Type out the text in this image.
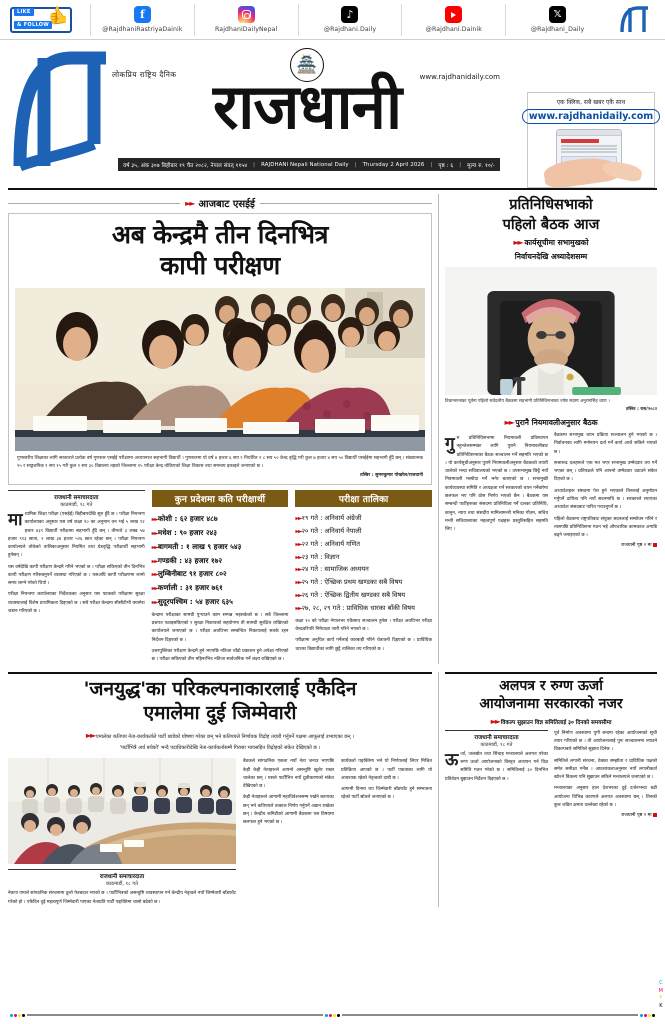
LIKE
& FOLLOW
👍	f
@RajdhaniRastriyaDainik	RajdhaniDailyNepal
♪
@Rajdhani.Daily	@Rajdhani.Dainik
𝕏
@Rajdhani_Daily
लोकप्रिय राष्ट्रिय दैनिक	www.rajdhanidaily.com
🏯
राजधानी
वर्ष ३५, अंक ३०७ बिहीबार १९ चैत २०८२, नेपाल संवत् ११५४ | RAJDHANI Nepali National Daily | Thursday 2 April 2026 | पृष्ठ : ६ | मूल्य रु. १०/-
एक क्लिक, सबै खबर एकै साथ
www.rajdhanidaily.com
►► आजबाट एसईई
अब केन्द्रमै तीन दिनभित्र
कापी परीक्षण
गुणस्तरीय शिक्षाका लागि सरकारले प्रत्येक वर्ष गुणस्तर एसईई परीक्षामा अध्ययनरत सहभागी विद्यार्थी । गुणस्तरमा यो वर्ष ४ हजार ६ सय ९ निर्धारित १ ८ सय ५० केन्द्र बृद्धि गरी कुल ७ हजार ४ सय ५० विद्यार्थी एसईईमा सहभागी हुँदै छन् । संख्यात्मक १५ र साङ्गठनिक १ सय १५ गरी कुल १ सय ३० विद्यालय तहको जिल्लामा १५ परीक्षा केन्द्र तोकिएको शिक्षा विकास तथा समन्वय इकाइले जनाएको छ ।
तस्बिर : सुमनकुमार पोखरेल/राजधानी
राजधानी समाचारदाता
काठमाडौं, १८ गते

माध्यमिक शिक्षा परीक्षा (एसईई) बिहीबारदेखि सुरु हुँदै छ । परीक्षा नियन्त्रण कार्यालयका अनुसार यस वर्ष कक्षा १० का अनुमान वन भई ५ लाख ९२ हजार ४३९ विद्यार्थी परीक्षामा सहभागी हुँदै छन् । तीमध्ये ३ लाख ५७ हजार ९१३ छात्रा, २ लाख ३४ हजार ५२६ छात्र रहेका छन् । परीक्षा नियन्त्रण कार्यालयले तोकेको तालिकाअनुसार नियमित तथा ग्रेडवृद्धि परीक्षार्थी सहभागी हुनेछन् ।

यस वर्षदेखि कापी परीक्षण केन्द्रमै गरिने भएको छ । परीक्षा सकिएको तीन दिनभित्र कापी परीक्षण गरिसक्नुपर्ने व्यवस्था गरिएको छ । यसअघि कापी परीक्षणमा लामो समय लाग्ने गरेको थियो ।

परीक्षा नियन्त्रण कार्यालयका निर्देशकका अनुसार यस पटकको परीक्षामा सुरक्षा व्यवस्थालाई विशेष प्राथमिकता दिइएको छ । सबै परीक्षा केन्द्रमा सीसीटीभी क्यामेरा जडान गरिएको छ ।

कुन प्रदेशमा कति परीक्षार्थी
►►कोशी : ६२ हजार ४८७
►►मधेश : ९० हजार २४३
►►बागमती : १ लाख ९ हजार ५४३
►►गण्डकी : ४३ हजार १७२
►►लुम्बिनीबाट ९१ हजार ८०२
►►कर्णाली : ३१ हजार ७६१
►►सुदूरपश्चिम : ५४ हजार ६३५

केन्द्रमा परीक्षाका सामग्री पुर्‍याउने काम सम्पन्न भइसकेको छ । सबै जिल्लामा प्रश्नपत्र पठाइसकिएको र सुरक्षा निकायको सहयोगमा ती सामग्री सुरक्षित राखिएको कार्यालयले जनाएको छ । परीक्षा अवधिभर सम्बन्धित निकायलाई सतर्क रहन निर्देशन दिइएको छ ।

उत्तरपुस्तिका परीक्षण केन्द्रमै हुने भएपछि नतिजा चाँडो प्रकाशन हुने अपेक्षा गरिएको छ । परीक्षा सकिएको तीन महिनाभित्र नतिजा सार्वजनिक गर्ने लक्ष्य राखिएको छ ।

परीक्षा तालिका
►►१९ गते : अनिवार्य अंग्रेजी
►►२० गते : अनिवार्य नेपाली
►►२२ गते : अनिवार्य गणित
►►२३ गते : विज्ञान
►►२४ गते : सामाजिक अध्ययन
►►२५ गते : ऐच्छिक प्रथम खण्डका सबै विषय
►►२६ गते : ऐच्छिक द्वितीय खण्डका सबै विषय
►►२७, २८, २९ गते : प्राविधिक धारका बाँकी विषय

कक्षा १० को परीक्षा नेपालभर एकैसाथ सञ्चालन हुनेछ । परीक्षा अवधिभर परीक्षा केन्द्रवरिपरि निषेधाज्ञा जारी गरिने भएको छ ।

परीक्षामा अनुचित कार्य गर्नेलाई कारबाही गरिने चेतावनी दिइएको छ । प्राविधिक धारका विद्यार्थीका लागि छुट्टै तालिका तय गरिएको छ ।

प्रतिनिधिसभाको
पहिलो बैठक आज
►► कार्यसूचीमा सभामुखको
निर्वाचनदेखि अध्यादेशसम्म
विधानसभाका पूर्वमा पहिलो सर्वदलीय बैठकमा सहभागी प्रतिनिधिसभाका ज्येष्ठ सदस्य अनुरागसिंह थापा ।
तस्बिर : रास/२०८२
►► पुरानै नियमावलीअनुसार बैठक

गुरु प्रतिनिधिसभामा नियमावली प्रतिस्थापन नहुन्जेलसम्मका लागि पुरानै नियमावलीबाट प्रतिनिधिसभाका बैठक सञ्चालन गर्ने सहमति भएको छ । यो कार्यसूचीअनुसार पुरानै नियमावलीअनुसार बैठकको तयारी थालेको भन्दा सचिवालयको भएको छ । उपसभामुख छिट्टै नयाँ नियमावली मस्यौदा गर्ने भनेर बताएको छ । सभामुखी कार्यव्यवस्था समिति र अध्यक्षता गर्ने सरकारको चयन गर्नेबारेमा छलफल भए पनि ठोस निर्णय भएको छैन । बैठकमा यस सम्बन्धी पार्टीहरूका संसदमा प्रतिनिधित्व गर्ने दलका प्रतिनिधि, कानुन, न्याय तथा संसदीय मामिलामन्त्री मनिका गौतम, सचिव मन्त्री सचिवालयका महत्वपूर्ण पक्षहरू प्रस्तुतिसहित सहमति लिए ।

बैठकमा सभामुख चयन प्रक्रिया सञ्चालन हुने भएको छ । निर्वाचनका लागि मनोनयन दर्ता गर्ने कार्य आजै सकिने भएको छ ।

सत्तारूढ दलहरूले एक मत भएर सभामुख उम्मेदवार तय गर्ने भएका छन् । प्रतिपक्षले पनि आफ्नो उम्मेदवार उठाउने संकेत दिएको छ ।

अध्यादेशहरू संसदमा पेश हुने भएकाले तिनलाई अनुमोदन गर्नुपर्ने दायित्व पनि नयाँ सदनमाथि छ । सरकारले ल्याएका अध्यादेश संसदबाट पारित गराउनुपर्ने छ ।

पहिलो बैठकमा राष्ट्रपतिबाट संयुक्त सदनलाई सम्बोधन गरिने र त्यसपछि प्रतिनिधिसभा गठन भई औपचारिक कामकाज अगाडि बढ्ने जनाइएको छ ।

राजधानी पृष्ठ २ मा
'जनयुद्ध'का परिकल्पनाकारलाई एकैदिन
एमालेमा दुई जिम्मेवारी
►► एमालेका कतिपय नेता-कार्यकर्ताले पार्टी छाडेको घोषणा गरेका छन् भने कतिपयले निर्णायक विद्रोह तयारी गर्नुपर्ने पक्षमा आफूलाई उभ्याएका छन् ।
'पार्टीभित्रै अर्थ बचेकोे' भन्दै पदाधिकारीदेखि नेता-कार्यकर्तासम्मै गिरासा भावसहित विद्रोहको संकेत देखिएको छ ।
राजधानी समाचारदाता
काठमाडौं, १८ गते

नेकपा एमाले सांगठनिक संरचनामा ठूलो फेरबदल भएको छ । पार्टीभित्रको असन्तुष्टि व्यवस्थापन गर्न केन्द्रीय नेतृत्वले नयाँ जिम्मेवारी बाँडफाँट गरेको हो । एकैदिन दुई महत्वपूर्ण जिम्मेवारी पाएका नेताप्रति पार्टी पङ्क्तिमा चासो बढेको छ ।

बैठकले सांगठनिक एकता नयाँ नेता जनाउ भएपछि केही केही नेताहरूले आफ्नो असन्तुष्टि खुलेर राख्न थालेका छन् । यसले पार्टीभित्र नयाँ ध्रुवीकरणको संकेत देखिएको छ ।

केही नेताहरूले आगामी महाधिवेशनसम्म पर्खने बताएका छन् भने कतिपयले तत्काल निर्णय गर्नुपर्ने अडान राखेका छन् । केन्द्रीय कमिटीको आगामी बैठकमा यस विषयमा छलफल हुने भएको छ ।

कार्यकर्ता पङ्क्तिमा भने यो निर्णयलाई लिएर मिश्रित प्रतिक्रिया आएको छ । पार्टी एकताका लागि यो आवश्यक रहेको नेतृत्वको दाबी छ ।

आगामी दिनमा थप जिम्मेवारी बाँडफाँट हुने सम्भावना रहेको पार्टी स्रोतले जनाएको छ ।

अलपत्र र रुग्ण ऊर्जा
आयोजनामा सरकारको नजर
►► विकल्प सुझाउन विज्ञ समितिलाई ३० दिनको समयसीमा
राजधानी समाचारदाता
काठमाडौं, १८ गते

ऊर्जा, जलस्रोत तथा सिंचाइ मन्त्रालयले अलपत्र परेका रुग्ण ऊर्जा आयोजनाको विस्तृत अध्ययन गर्न विज्ञ समिति गठन गरेको छ । समितिलाई ३० दिनभित्र प्रतिवेदन बुझाउन निर्देशन दिइएको छ ।

पूर्व निर्माण अवस्थामा पुगी बन्दमा रहेका आयोजनाको सूची तयार गरिएको छ । ती आयोजनालाई पुनः सञ्चालनमा ल्याउने विकल्पबारे समितिले सुझाव दिनेछ ।

समितिले लगानी संरचना, ठेक्का सम्झौता र प्राविधिक पक्षको समेत समीक्षा गर्नेछ । आवश्यकताअनुसार नयाँ लगानीकर्ता खोज्ने विकल्प पनि सुझाउन सकिने मन्त्रालयले जनाएको छ ।

मन्त्रालयका अनुसार हाल देशभरका दुई दर्जनभन्दा बढी आयोजना विभिन्न कारणले अलपत्र अवस्थामा छन् । तिनको कुल जडित क्षमता उल्लेख्य रहेको छ ।

राजधानी पृष्ठ २ मा
C
M
Y
K
